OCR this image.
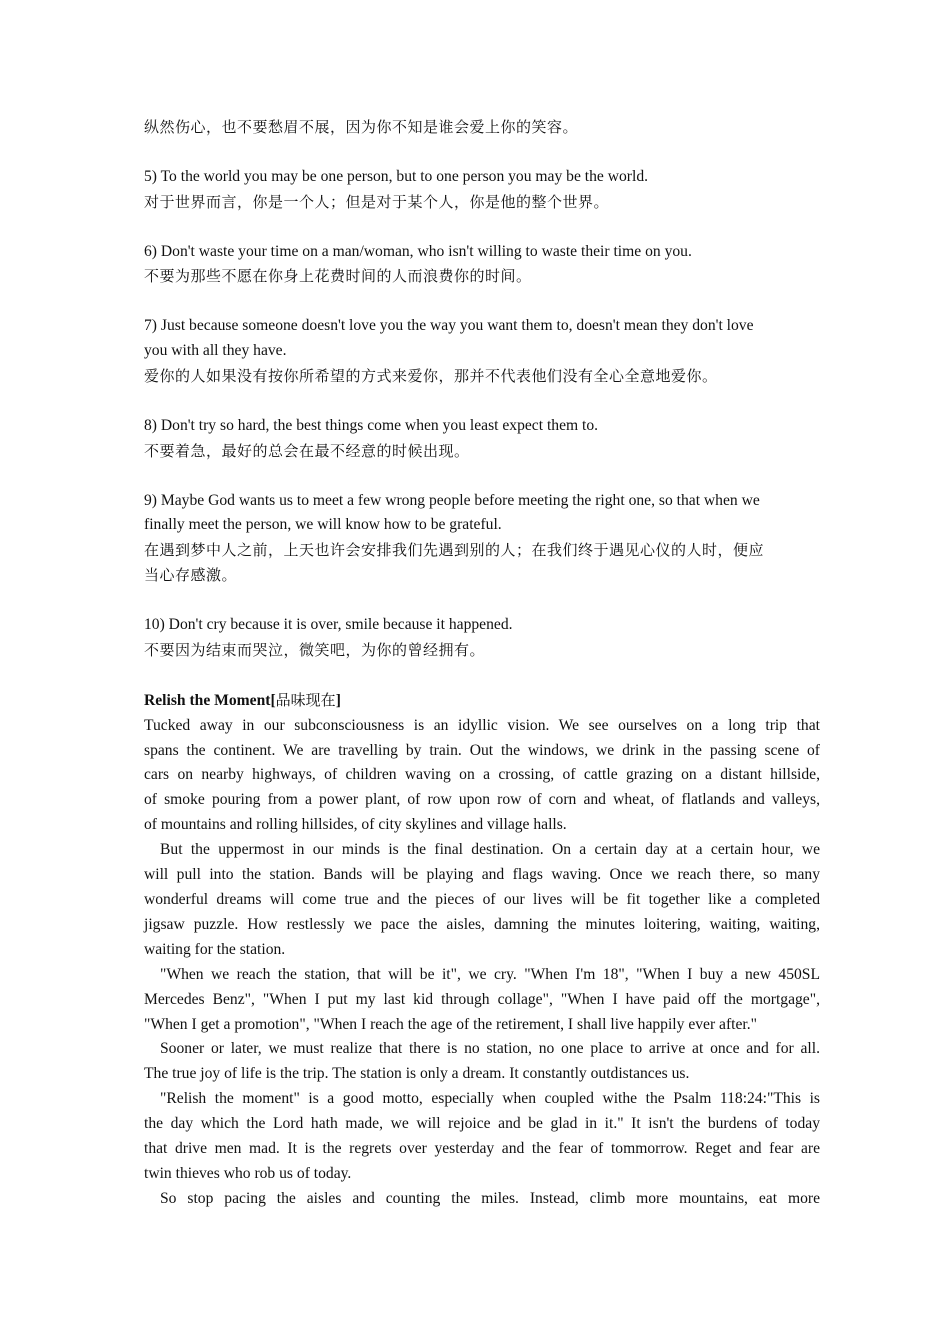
纵然伤心，也不要愁眉不展，因为你不知是谁会爱上你的笑容。

5) To the world you may be one person, but to one person you may be the world.

对于世界而言，你是一个人；但是对于某个人，你是他的整个世界。

6) Don't waste your time on a man/woman, who isn't willing to waste their time on you.

不要为那些不愿在你身上花费时间的人而浪费你的时间。

7) Just because someone doesn't love you the way you want them to, doesn't mean they don't love

you with all they have.

爱你的人如果没有按你所希望的方式来爱你，那并不代表他们没有全心全意地爱你。

8) Don't try so hard, the best things come when you least expect them to.

不要着急，最好的总会在最不经意的时候出现。

9) Maybe God wants us to meet a few wrong people before meeting the right one, so that when we

finally meet the person, we will know how to be grateful.

在遇到梦中人之前，上天也许会安排我们先遇到别的人；在我们终于遇见心仪的人时，便应

当心存感激。

10) Don't cry because it is over, smile because it happened.

不要因为结束而哭泣，微笑吧，为你的曾经拥有。

Relish the Moment[品味现在]

Tucked away in our subconsciousness is an idyllic vision. We see ourselves on a long trip that

spans the continent. We are travelling by train. Out the windows, we drink in the passing scene of

cars on nearby highways, of children waving on a crossing, of cattle grazing on a distant hillside,

of smoke pouring from a power plant, of row upon row of corn and wheat, of flatlands and valleys,

of mountains and rolling hillsides, of city skylines and village halls.

But the uppermost in our minds is the final destination. On a certain day at a certain hour, we

will pull into the station. Bands will be playing and flags waving. Once we reach there, so many

wonderful dreams will come true and the pieces of our lives will be fit together like a completed

jigsaw puzzle. How restlessly we pace the aisles, damning the minutes loitering, waiting, waiting,

waiting for the station.

"When we reach the station, that will be it", we cry. "When I'm 18", "When I buy a new 450SL

Mercedes Benz", "When I put my last kid through collage", "When I have paid off the mortgage",

"When I get a promotion", "When I reach the age of the retirement, I shall live happily ever after."

Sooner or later, we must realize that there is no station, no one place to arrive at once and for all.

The true joy of life is the trip. The station is only a dream. It constantly outdistances us.

"Relish the moment" is a good motto, especially when coupled withe the Psalm 118:24:"This is

the day which the Lord hath made, we will rejoice and be glad in it." It isn't the burdens of today

that drive men mad. It is the regrets over yesterday and the fear of tommorrow. Reget and fear are

twin thieves who rob us of today.

So stop pacing the aisles and counting the miles. Instead, climb more mountains, eat more
